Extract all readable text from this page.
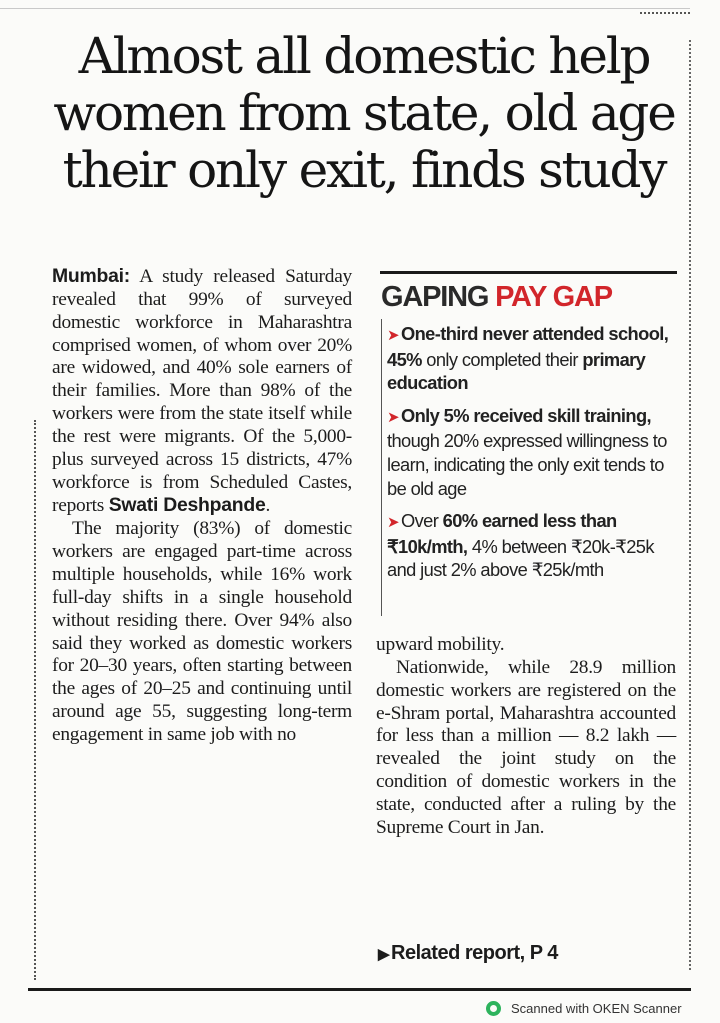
Almost all domestic help
women from state, old age
their only exit, finds study

Mumbai: A study released Saturday revealed that 99% of surveyed domestic workforce in Maharashtra comprised women, of whom over 20% are widowed, and 40% sole earners of their families. More than 98% of the workers were from the state itself while the rest were migrants. Of the 5,000-plus surveyed across 15 districts, 47% workforce is from Scheduled Castes, reports Swati Deshpande.

The majority (83%) of domestic workers are engaged part-time across multiple households, while 16% work full-day shifts in a single household without residing there. Over 94% also said they worked as domestic workers for 20–30 years, often starting between the ages of 20–25 and continuing until around age 55, suggesting long-term engagement in same job with no

GAPING PAY GAP

➤ One-third never attended school, 45% only completed their primary education

➤ Only 5% received skill training, though 20% expressed willingness to learn, indicating the only exit tends to be old age

➤ Over 60% earned less than ₹10k/mth, 4% between ₹20k-₹25k and just 2% above ₹25k/mth

upward mobility.

Nationwide, while 28.9 million domestic workers are registered on the e-Shram portal, Maharashtra accounted for less than a million — 8.2 lakh — revealed the joint study on the condition of domestic workers in the state, conducted after a ruling by the Supreme Court in Jan.

▶ Related report, P 4

Scanned with OKEN Scanner
